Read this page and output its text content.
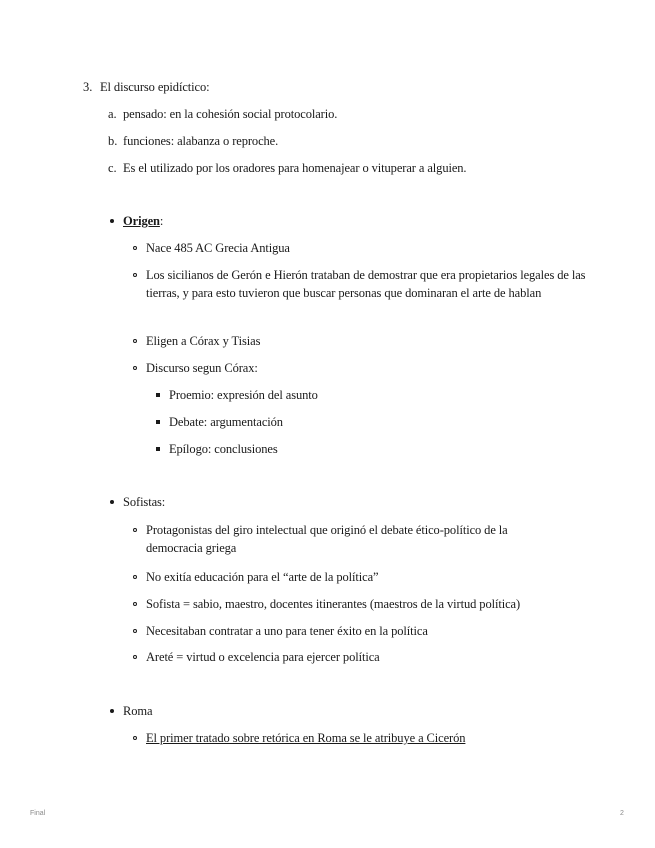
3. El discurso epidíctico:
a. pensado: en la cohesión social protocolario.
b. funciones: alabanza o reproche.
c. Es el utilizado por los oradores para homenajear o vituperar a alguien.
Origen:
Nace 485 AC Grecia Antigua
Los sicilianos de Gerón e Hierón trataban de demostrar que era propietarios legales de las tierras, y para esto tuvieron que buscar personas que dominaran el arte de hablan
Eligen a Córax y Tisias
Discurso segun Córax:
Proemio: expresión del asunto
Debate: argumentación
Epílogo: conclusiones
Sofistas:
Protagonistas del giro intelectual que originó el debate ético-político de la democracia griega
No exitía educación para el “arte de la política”
Sofista = sabio, maestro, docentes itinerantes (maestros de la virtud política)
Necesitaban contratar a uno para tener éxito en la política
Areté = virtud o excelencia para ejercer política
Roma
El primer tratado sobre retórica en Roma se le atribuye a Cicerón
Final	2
